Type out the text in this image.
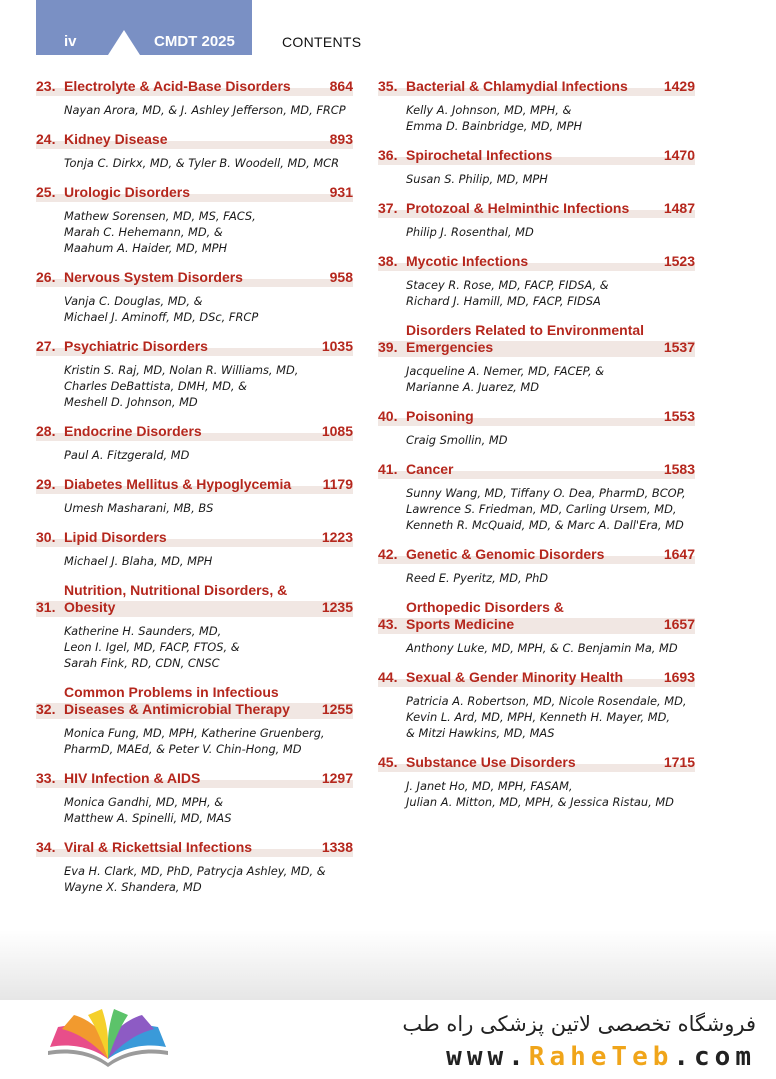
iv	CMDT 2025	CONTENTS
23. Electrolyte & Acid-Base Disorders	864
Nayan Arora, MD, & J. Ashley Jefferson, MD, FRCP
24. Kidney Disease	893
Tonja C. Dirkx, MD, & Tyler B. Woodell, MD, MCR
25. Urologic Disorders	931
Mathew Sorensen, MD, MS, FACS,
Marah C. Hehemann, MD, &
Maahum A. Haider, MD, MPH
26. Nervous System Disorders	958
Vanja C. Douglas, MD, &
Michael J. Aminoff, MD, DSc, FRCP
27. Psychiatric Disorders	1035
Kristin S. Raj, MD, Nolan R. Williams, MD,
Charles DeBattista, DMH, MD, &
Meshell D. Johnson, MD
28. Endocrine Disorders	1085
Paul A. Fitzgerald, MD
29. Diabetes Mellitus & Hypoglycemia	1179
Umesh Masharani, MB, BS
30. Lipid Disorders	1223
Michael J. Blaha, MD, MPH
31.
Nutrition, Nutritional Disorders, &
Obesity	1235
Katherine H. Saunders, MD,
Leon I. Igel, MD, FACP, FTOS, &
Sarah Fink, RD, CDN, CNSC
32.
Common Problems in Infectious
Diseases & Antimicrobial Therapy	1255
Monica Fung, MD, MPH, Katherine Gruenberg,
PharmD, MAEd, & Peter V. Chin-Hong, MD
33. HIV Infection & AIDS	1297
Monica Gandhi, MD, MPH, &
Matthew A. Spinelli, MD, MAS
34. Viral & Rickettsial Infections	1338
Eva H. Clark, MD, PhD, Patrycja Ashley, MD, &
Wayne X. Shandera, MD
35. Bacterial & Chlamydial Infections	1429
Kelly A. Johnson, MD, MPH, &
Emma D. Bainbridge, MD, MPH
36. Spirochetal Infections	1470
Susan S. Philip, MD, MPH
37. Protozoal & Helminthic Infections	1487
Philip J. Rosenthal, MD
38. Mycotic Infections	1523
Stacey R. Rose, MD, FACP, FIDSA, &
Richard J. Hamill, MD, FACP, FIDSA
39.
Disorders Related to Environmental
Emergencies	1537
Jacqueline A. Nemer, MD, FACEP, &
Marianne A. Juarez, MD
40. Poisoning	1553
Craig Smollin, MD
41. Cancer	1583
Sunny Wang, MD, Tiffany O. Dea, PharmD, BCOP,
Lawrence S. Friedman, MD, Carling Ursem, MD,
Kenneth R. McQuaid, MD, & Marc A. Dall'Era, MD
42. Genetic & Genomic Disorders	1647
Reed E. Pyeritz, MD, PhD
43.
Orthopedic Disorders &
Sports Medicine	1657
Anthony Luke, MD, MPH, & C. Benjamin Ma, MD
44. Sexual & Gender Minority Health	1693
Patricia A. Robertson, MD, Nicole Rosendale, MD,
Kevin L. Ard, MD, MPH, Kenneth H. Mayer, MD,
& Mitzi Hawkins, MD, MAS
45. Substance Use Disorders	1715
J. Janet Ho, MD, MPH, FASAM,
Julian A. Mitton, MD, MPH, & Jessica Ristau, MD
فروشگاه تخصصی لاتین پزشکی راه طب
www.RaheTeb.com
